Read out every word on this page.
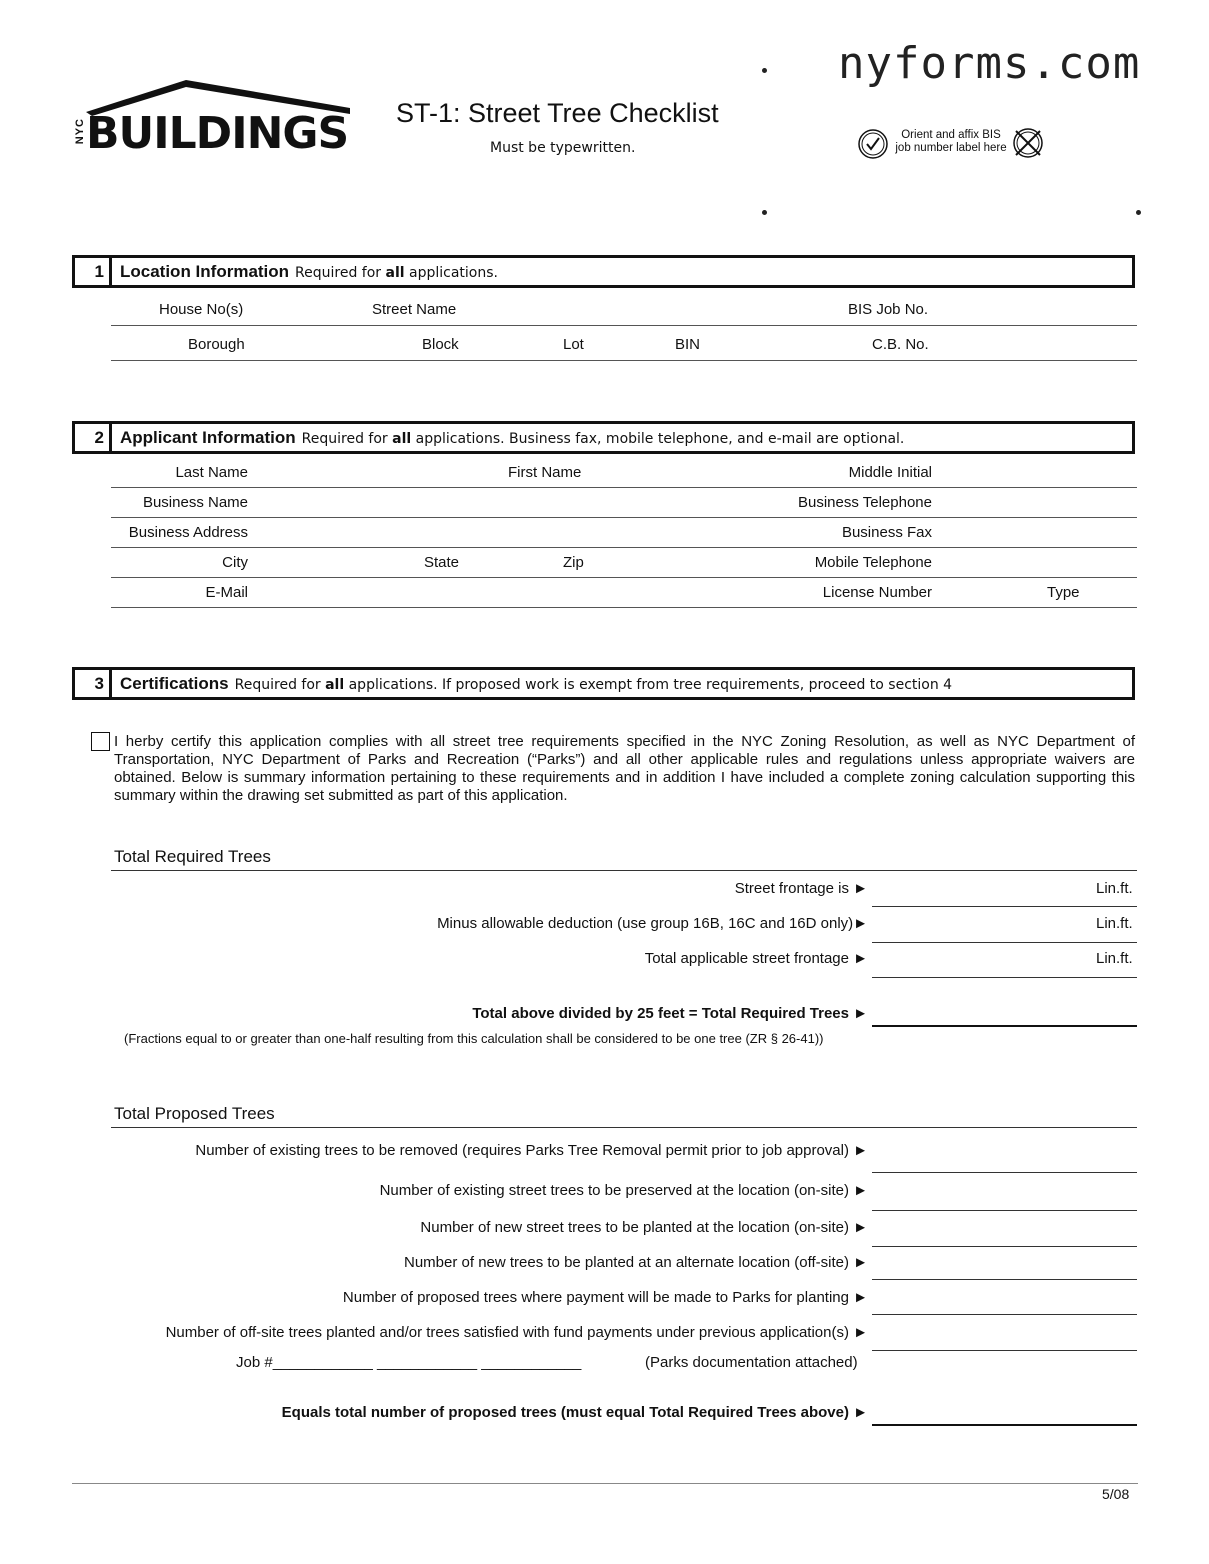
nyforms.com
NYC BUILDINGS ST-1: Street Tree Checklist
Must be typewritten.
Orient and affix BIS
job number label here
1 Location Information Required for all applications.
House No(s)	Street Name	BIS Job No.
Borough	Block	Lot	BIN	C.B. No.
2 Applicant Information Required for all applications. Business fax, mobile telephone, and e-mail are optional.
Last Name	First Name	Middle Initial
Business Name	Business Telephone
Business Address	Business Fax
City	State	Zip	Mobile Telephone
E-Mail	License Number	Type
3 Certifications Required for all applications. If proposed work is exempt from tree requirements, proceed to section 4
I herby certify this application complies with all street tree requirements specified in the NYC Zoning Resolution, as well as NYC Department of Transportation, NYC Department of Parks and Recreation (“Parks”) and all other applicable rules and regulations unless appropriate waivers are obtained. Below is summary information pertaining to these requirements and in addition I have included a complete zoning calculation supporting this summary within the drawing set submitted as part of this application.
Total Required Trees
Street frontage is ►	Lin.ft.
Minus allowable deduction (use group 16B, 16C and 16D only)►	Lin.ft.
Total applicable street frontage ►	Lin.ft.
Total above divided by 25 feet = Total Required Trees ►
(Fractions equal to or greater than one-half resulting from this calculation shall be considered to be one tree (ZR § 26-41))
Total Proposed Trees
Number of existing trees to be removed (requires Parks Tree Removal permit prior to job approval) ►
Number of existing street trees to be preserved at the location (on-site) ►
Number of new street trees to be planted at the location (on-site) ►
Number of new trees to be planted at an alternate location (off-site) ►
Number of proposed trees where payment will be made to Parks for planting ►
Number of off-site trees planted and/or trees satisfied with fund payments under previous application(s) ►
Job #____________ ____________ ____________	(Parks documentation attached)
Equals total number of proposed trees (must equal Total Required Trees above) ►
5/08
